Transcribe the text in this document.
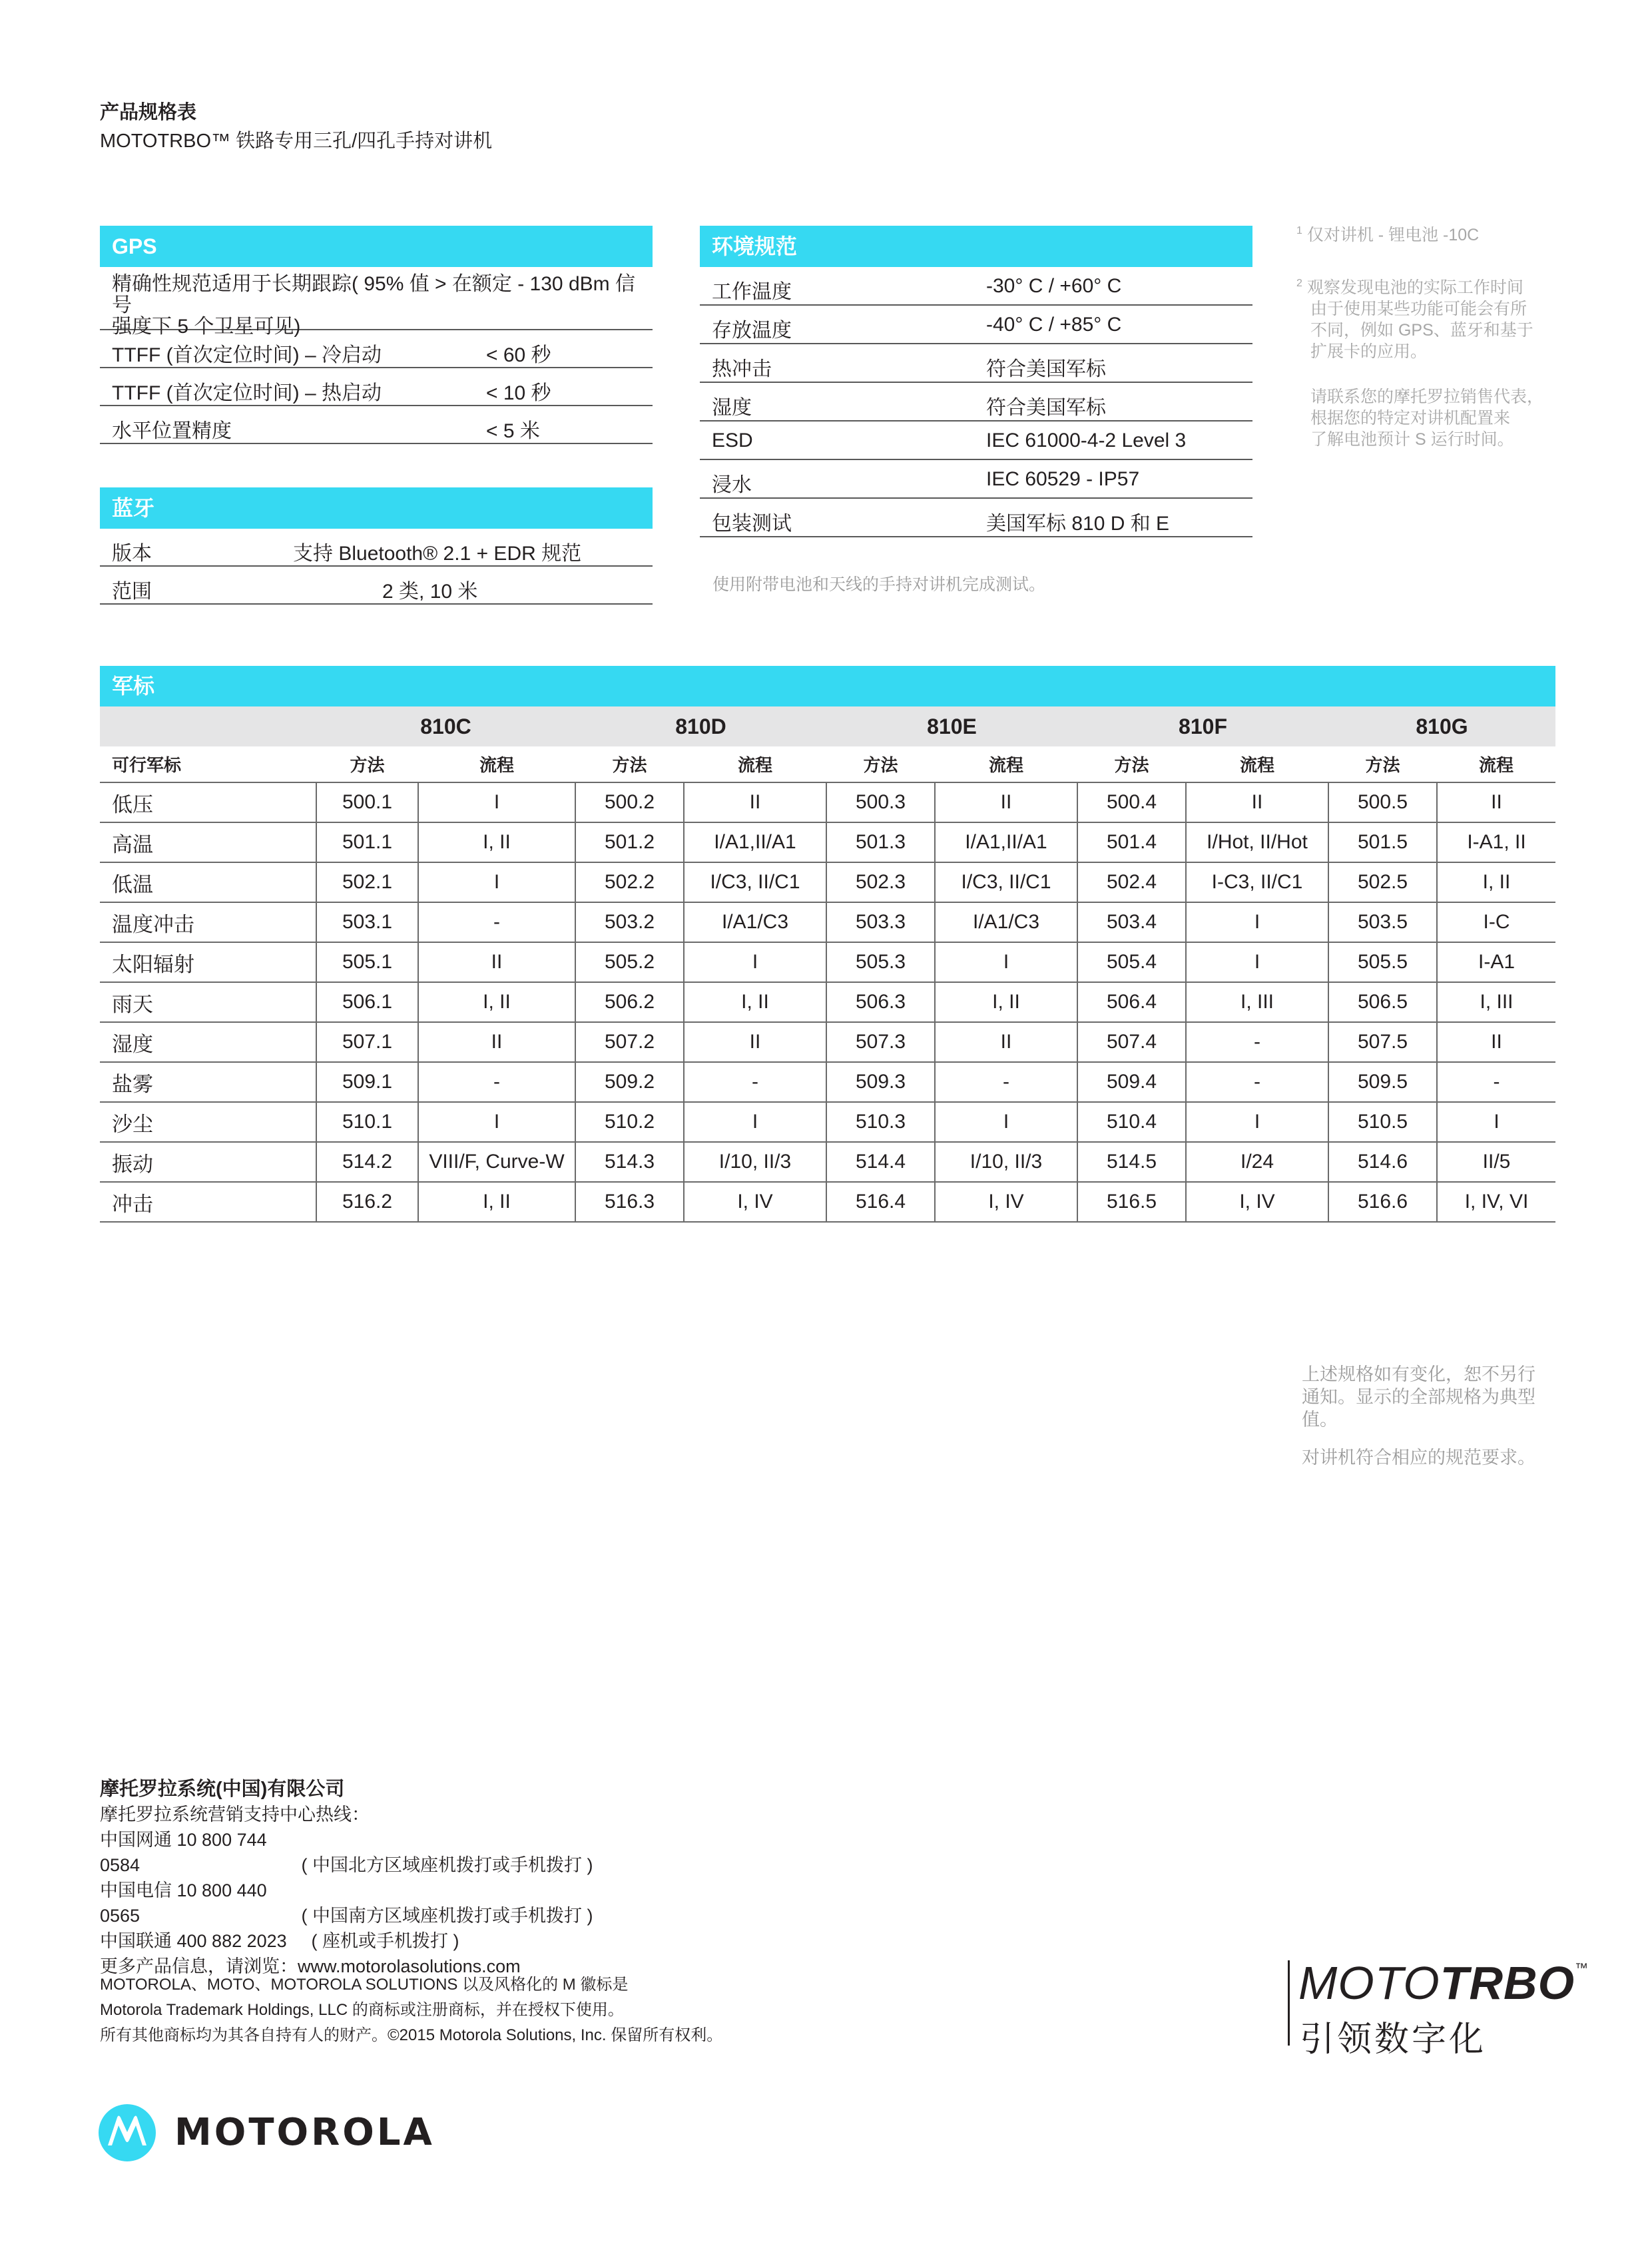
产品规格表
MOTOTRBO™ 铁路专用三孔/四孔手持对讲机
GPS
精确性规范适用于长期跟踪( 95% 值 > 在额定 - 130 dBm 信号
强度下 5 个卫星可见)
TTFF (首次定位时间) – 冷启动	< 60 秒
TTFF (首次定位时间) – 热启动	< 10 秒
水平位置精度	< 5 米
蓝牙
版本	支持 Bluetooth® 2.1 + EDR 规范
范围	2 类, 10 米
环境规范
工作温度	-30° C / +60° C
存放温度	-40° C / +85° C
热冲击	符合美国军标
湿度	符合美国军标
ESD	IEC 61000-4-2 Level 3
浸水	IEC 60529 - IP57
包装测试	美国军标 810 D 和 E
使用附带电池和天线的手持对讲机完成测试。
$^1$ 仅对讲机 - 锂电池 -10C
$^2$ 观察发现电池的实际工作时间
由于使用某些功能可能会有所
不同，例如 GPS、蓝牙和基于
扩展卡的应用。
请联系您的摩托罗拉销售代表，
根据您的特定对讲机配置来
了解电池预计 S 运行时间。
军标
	810C		810D		810E		810F		810G	
可行军标	方法	流程	方法	流程	方法	流程	方法	流程	方法	流程
低压	500.1	I	500.2	II	500.3	II	500.4	II	500.5	II
高温	501.1	I, II	501.2	I/A1,II/A1	501.3	I/A1,II/A1	501.4	I/Hot, II/Hot	501.5	I-A1, II
低温	502.1	I	502.2	I/C3, II/C1	502.3	I/C3, II/C1	502.4	I-C3, II/C1	502.5	I, II
温度冲击	503.1	-	503.2	I/A1/C3	503.3	I/A1/C3	503.4	I	503.5	I-C
太阳辐射	505.1	II	505.2	I	505.3	I	505.4	I	505.5	I-A1
雨天	506.1	I, II	506.2	I, II	506.3	I, II	506.4	I, III	506.5	I, III
湿度	507.1	II	507.2	II	507.3	II	507.4	-	507.5	II
盐雾	509.1	-	509.2	-	509.3	-	509.4	-	509.5	-
沙尘	510.1	I	510.2	I	510.3	I	510.4	I	510.5	I
振动	514.2	VIII/F, Curve-W	514.3	I/10, II/3	514.4	I/10, II/3	514.5	I/24	514.6	II/5
冲击	516.2	I, II	516.3	I, IV	516.4	I, IV	516.5	I, IV	516.6	I, IV, VI
上述规格如有变化，恕不另行
通知。显示的全部规格为典型值。
对讲机符合相应的规范要求。
摩托罗拉系统(中国)有限公司
摩托罗拉系统营销支持中心热线：
中国网通 10 800 744 0584	( 中国北方区域座机拨打或手机拨打 )
中国电信 10 800 440 0565	( 中国南方区域座机拨打或手机拨打 )
中国联通 400 882 2023 ( 座机或手机拨打 )
更多产品信息，请浏览：www.motorolasolutions.com
MOTOROLA、MOTO、MOTOROLA SOLUTIONS 以及风格化的 M 徽标是
Motorola Trademark Holdings, LLC 的商标或注册商标，并在授权下使用。
所有其他商标均为其各自持有人的财产。©2015 Motorola Solutions, Inc. 保留所有权利。
MOTOTRBO™
引领数字化
MOTOROLA
